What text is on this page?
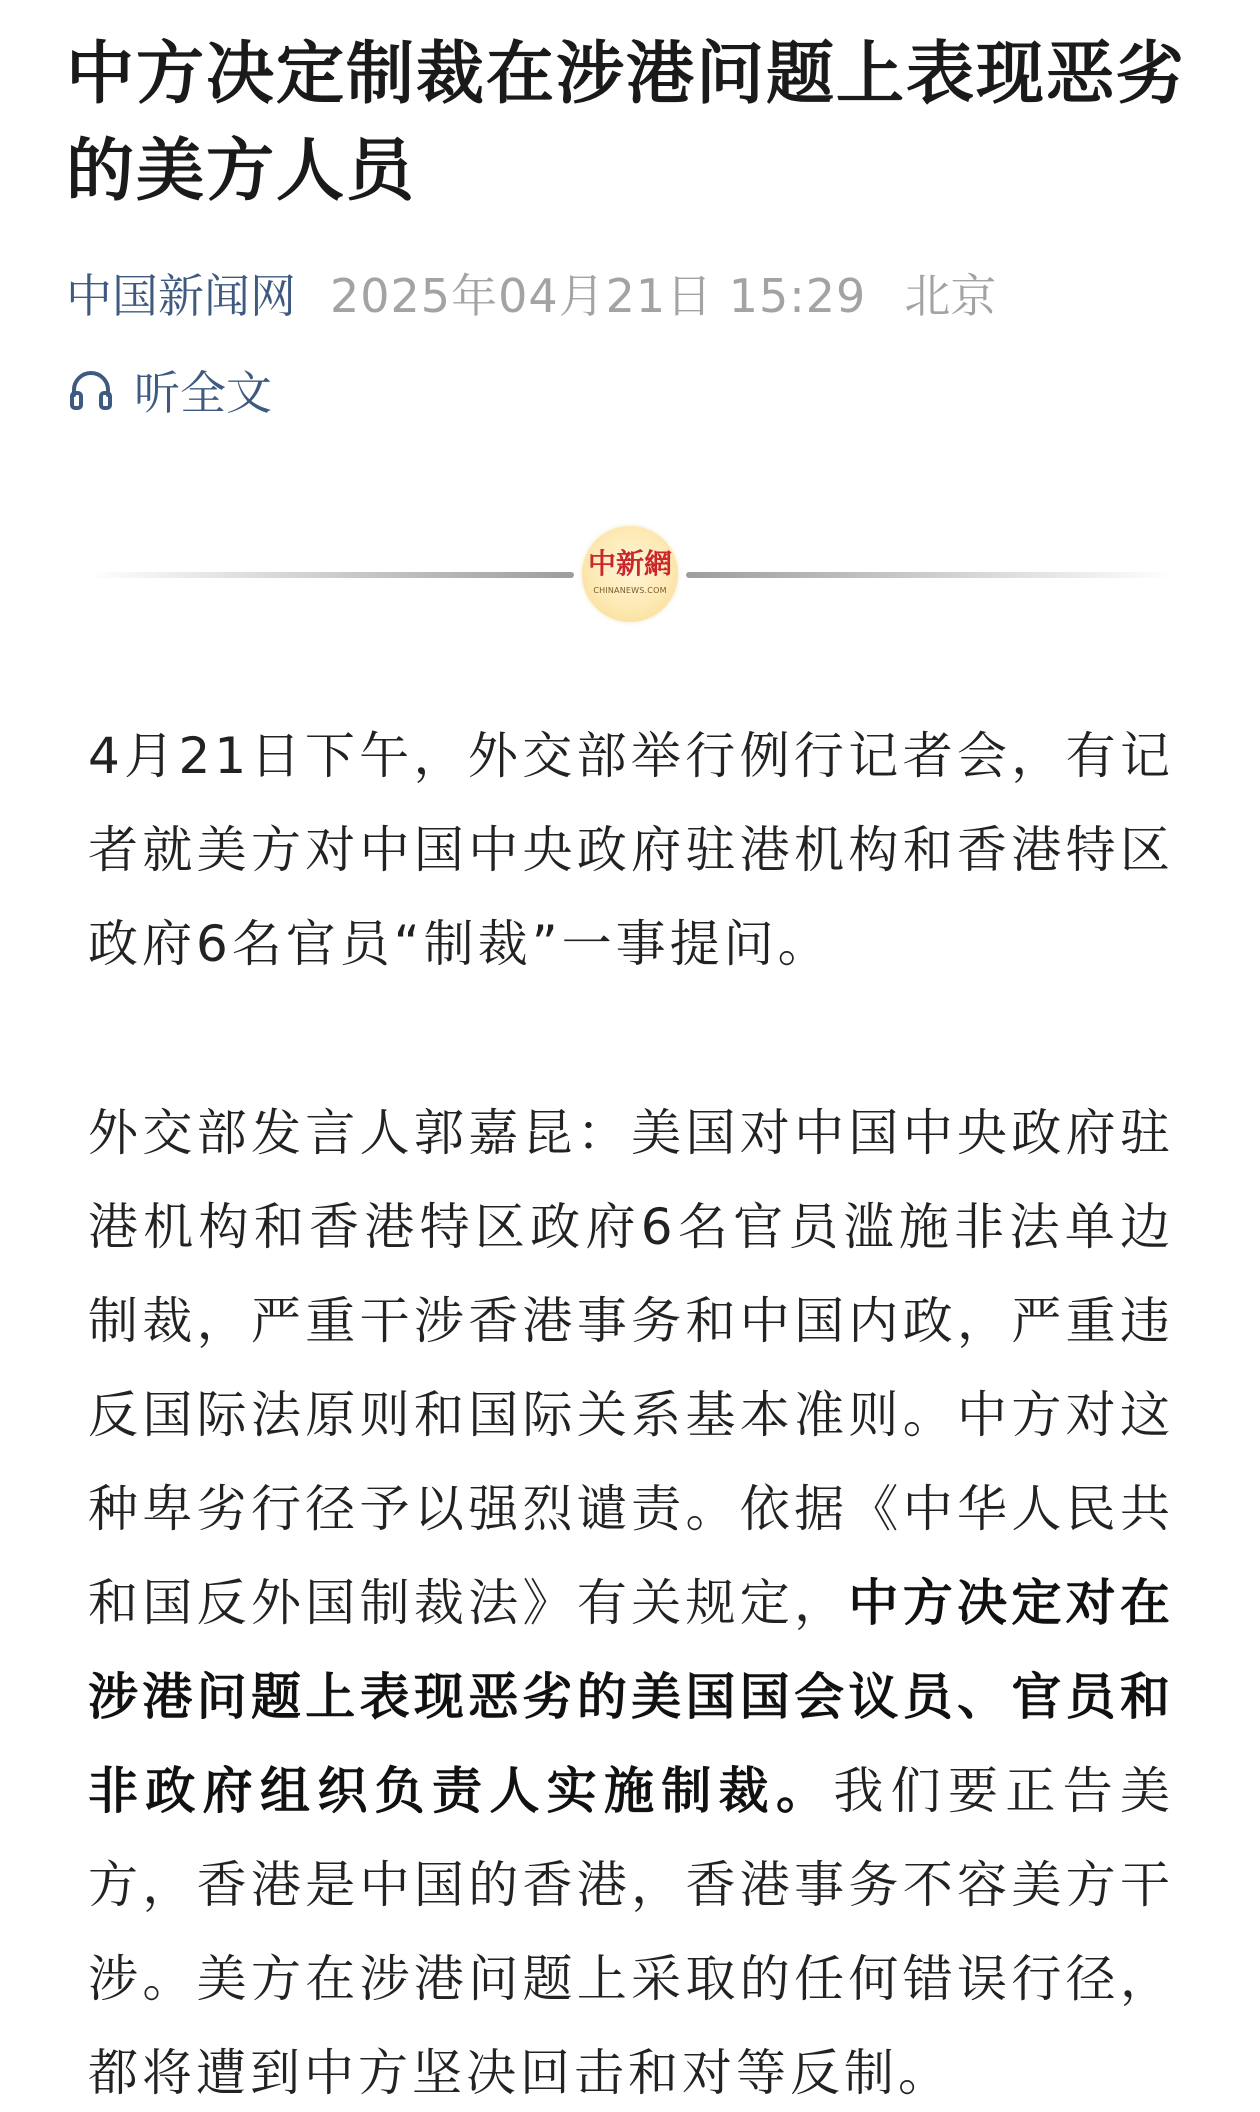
中方决定制裁在涉港问题上表现恶劣的美方人员
中国新闻网 2025年04月21日 15:29 北京
听全文
中新網
CHINANEWS.COM

4月21日下午，外交部举行例行记者会，有记者就美方对中国中央政府驻港机构和香港特区政府6名官员“制裁”一事提问。

外交部发言人郭嘉昆：美国对中国中央政府驻港机构和香港特区政府6名官员滥施非法单边制裁，严重干涉香港事务和中国内政，严重违反国际法原则和国际关系基本准则。中方对这种卑劣行径予以强烈谴责。依据《中华人民共和国反外国制裁法》有关规定，中方决定对在涉港问题上表现恶劣的美国国会议员、官员和非政府组织负责人实施制裁。我们要正告美方，香港是中国的香港，香港事务不容美方干涉。美方在涉港问题上采取的任何错误行径，都将遭到中方坚决回击和对等反制。
